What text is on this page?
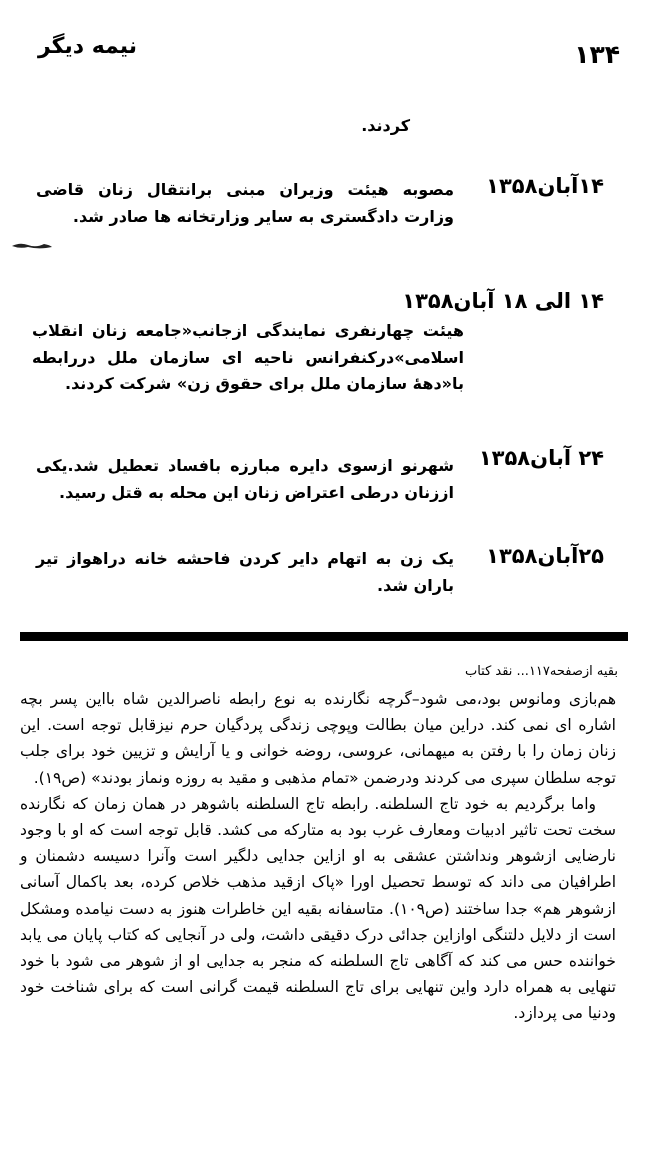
نیمه دیگر	۱۳۴
کردند.
۱۴آبان۱۳۵۸
مصوبه هیئت وزیران مبنی برانتقال زنان قاضی وزارت دادگستری به سایر وزارتخانه ها صادر شد.
۱۴ الی ۱۸ آبان۱۳۵۸
هیئت چهارنفری نمایندگی ازجانب«جامعه زنان انقلاب اسلامی»درکنفرانس ناحیه ای سازمان ملل دررابطه با«دههٔ سازمان ملل برای حقوق زن» شرکت کردند.
۲۴ آبان۱۳۵۸
شهرنو ازسوی دایره مبارزه بافساد تعطیل شد.یکی اززنان درطی اعتراض زنان این محله به قتل رسید.
۲۵آبان۱۳۵۸
یک زن به اتهام دایر کردن فاحشه خانه دراهواز تیر باران شد.
بقیه ازصفحه۱۱۷... نقد کتاب

هم‌بازی وما‌نوس بود،می شود–گرچه نگارنده به نوع رابطه ناصرالدین شاه بااین پسر بچه اشاره ای نمی کند. دراین میان بطالت وپوچی زندگی پردگیان حرم نیزقابل توجه است. این زنان زمان را با رفتن به میهمانی، عروسی، روضه خوانی و یا آرایش و تزیین خود برای جلب توجه سلطان سپری می کردند ودرضمن «تمام مذهبی و مقید به روزه ونماز بودند» (ص۱۹).

واما برگردیم به خود تاج السلطنه. رابطه تاج السلطنه باشوهر در همان زمان که نگارنده سخت تحت تاثیر ادبیات ومعارف غرب بود به متارکه می کشد. قابل توجه است که او با وجود نارضایی ازشوهر ونداشتن عشقی به او ازاین جدایی دلگیر است وآنرا دسیسه دشمنان و اطرافیان می داند که توسط تحصیل اورا «پاک ازقید مذهب خلاص کرده، بعد باکمال آسانی ازشوهر هم» جدا ساختند (ص۱۰۹). متاسفانه بقیه این خاطرات هنوز به دست نیامده ومشکل است از دلایل دلتنگی اوازاین جدائی درک دقیقی داشت، ولی در آنجایی که کتاب پایان می یابد خواننده حس می کند که آگاهی تاج السلطنه که منجر به جدایی او از شوهر می شود با خود تنهایی به همراه دارد واین تنهایی برای تاج السلطنه قیمت گرانی است که برای شناخت خود ودنیا می پردازد.
